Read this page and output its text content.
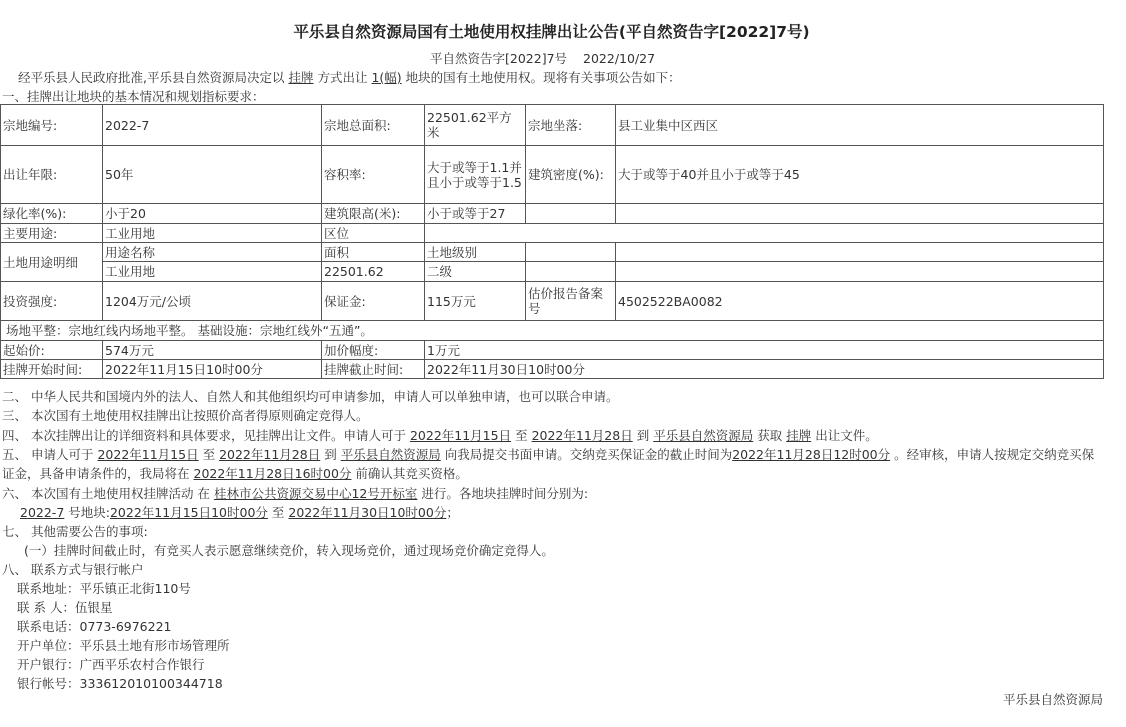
平乐县自然资源局国有土地使用权挂牌出让公告(平自然资告字[2022]7号)
平自然资告字[2022]7号 2022/10/27
经平乐县人民政府批准,平乐县自然资源局决定以 挂牌 方式出让 1(幅) 地块的国有土地使用权。现将有关事项公告如下：
一、挂牌出让地块的基本情况和规划指标要求：
宗地编号:	2022-7	宗地总面积:	22501.62平方米	宗地坐落:	县工业集中区西区
出让年限:	50年	容积率:	大于或等于1.1并且小于或等于1.5	建筑密度(%):	大于或等于40并且小于或等于45
绿化率(%):	小于20	建筑限高(米):	小于或等于27		
主要用途:	工业用地	区位			
土地用途明细	用途名称	面积	土地级别		
	工业用地	22501.62	二级		
投资强度:	1204万元/公顷	保证金:	115万元	估价报告备案号	4502522BA0082
场地平整：宗地红线内场地平整。 基础设施：宗地红线外“五通”。					
起始价:	574万元	加价幅度:	1万元		
挂牌开始时间:	2022年11月15日10时00分	挂牌截止时间:	2022年11月30日10时00分		
二、 中华人民共和国境内外的法人、自然人和其他组织均可申请参加，申请人可以单独申请，也可以联合申请。
三、 本次国有土地使用权挂牌出让按照价高者得原则确定竞得人。
四、 本次挂牌出让的详细资料和具体要求，见挂牌出让文件。申请人可于 2022年11月15日 至 2022年11月28日 到 平乐县自然资源局 获取 挂牌 出让文件。
五、 申请人可于 2022年11月15日 至 2022年11月28日 到 平乐县自然资源局 向我局提交书面申请。交纳竞买保证金的截止时间为2022年11月28日12时00分 。经审核，申请人按规定交纳竞买保证金，具备申请条件的，我局将在 2022年11月28日16时00分 前确认其竞买资格。
六、 本次国有土地使用权挂牌活动 在 桂林市公共资源交易中心12号开标室 进行。各地块挂牌时间分别为:
2022-7 号地块:2022年11月15日10时00分 至 2022年11月30日10时00分；
七、 其他需要公告的事项:
(一）挂牌时间截止时，有竞买人表示愿意继续竞价，转入现场竞价，通过现场竞价确定竞得人。
八、 联系方式与银行帐户
联系地址：平乐镇正北街110号
联 系 人：伍银星
联系电话：0773-6976221
开户单位：平乐县土地有形市场管理所
开户银行：广西平乐农村合作银行
银行帐号：333612010100344718
平乐县自然资源局
